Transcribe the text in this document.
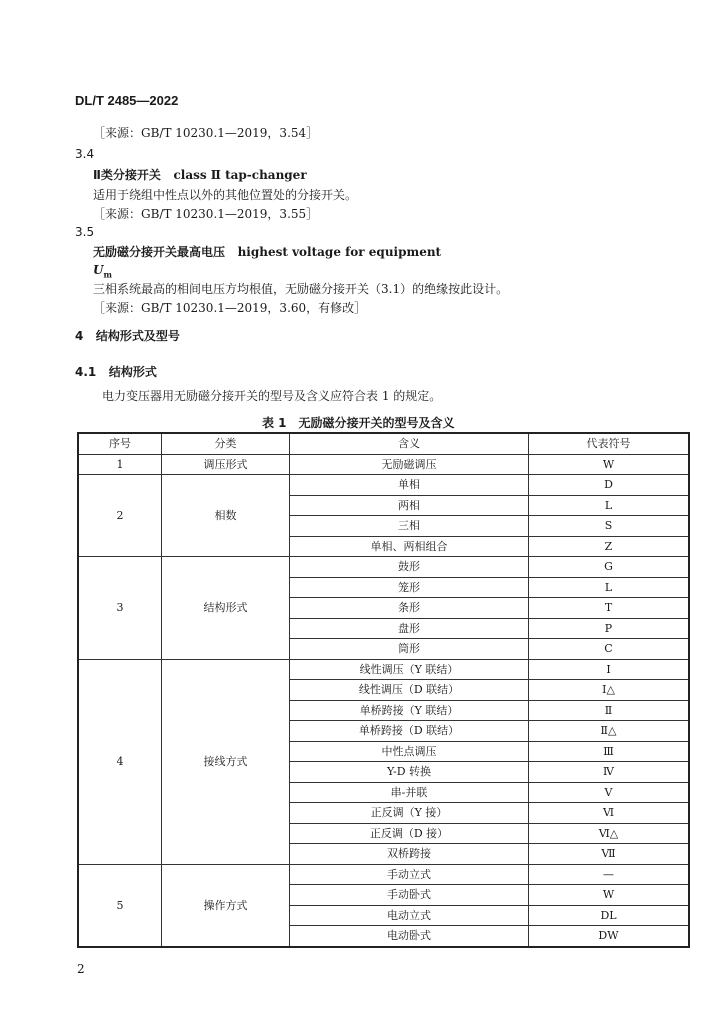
DL/T 2485—2022
［来源：GB/T 10230.1—2019，3.54］
3.4
Ⅱ类分接开关 class Ⅱ tap-changer
适用于绕组中性点以外的其他位置处的分接开关。
［来源：GB/T 10230.1—2019，3.55］
3.5
无励磁分接开关最高电压 highest voltage for equipment
$U_m$
三相系统最高的相间电压方均根值，无励磁分接开关（3.1）的绝缘按此设计。
［来源：GB/T 10230.1—2019，3.60，有修改］
4 结构形式及型号
4.1 结构形式
电力变压器用无励磁分接开关的型号及含义应符合表 1 的规定。
表 1　无励磁分接开关的型号及含义
序号	分类	含义	代表符号
1	调压形式	无励磁调压	W
2	相数	单相	D
		两相	L
		三相	S
		单相、两相组合	Z
3	结构形式	鼓形	G
		笼形	L
		条形	T
		盘形	P
		筒形	C
4	接线方式	线性调压（Y 联结）	Ⅰ
		线性调压（D 联结）	Ⅰ△
		单桥跨接（Y 联结）	Ⅱ
		单桥跨接（D 联结）	Ⅱ△
		中性点调压	Ⅲ
		Y-D 转换	Ⅳ
		串-并联	Ⅴ
		正反调（Y 接）	Ⅵ
		正反调（D 接）	Ⅵ△
		双桥跨接	Ⅶ
5	操作方式	手动立式	—
		手动卧式	W
		电动立式	DL
		电动卧式	DW
2
